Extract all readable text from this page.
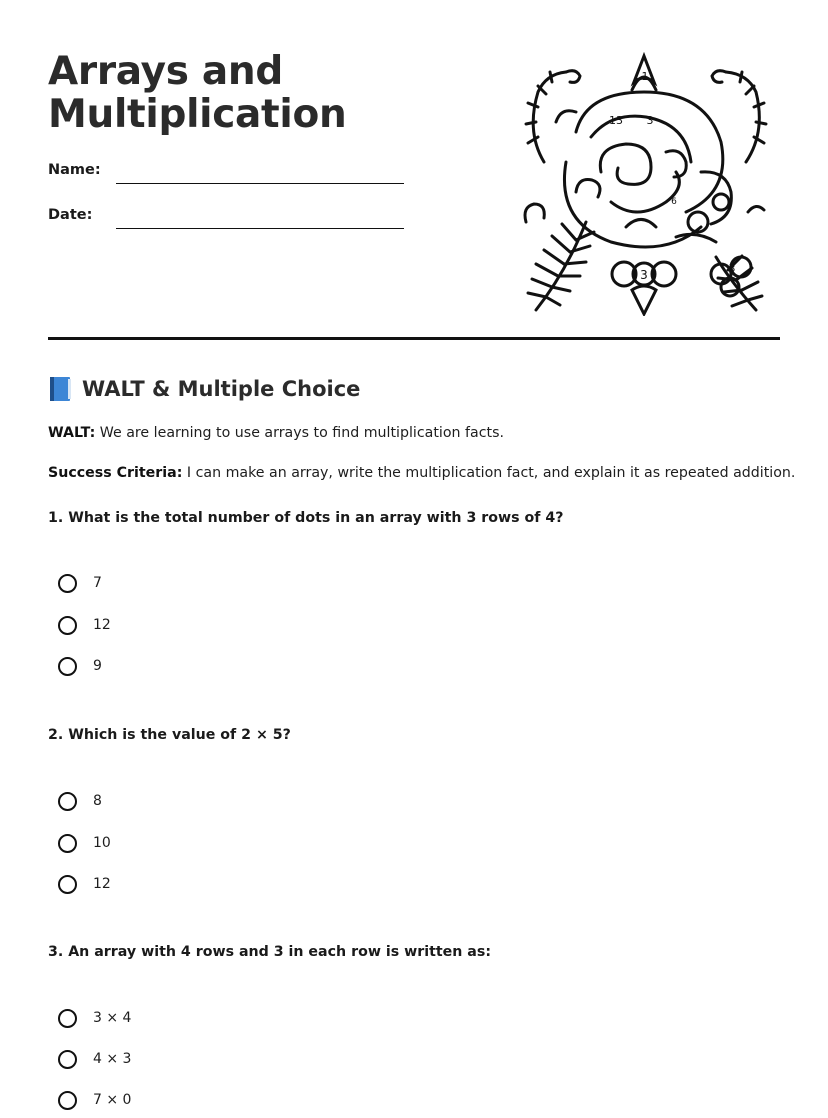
Arrays and
Multiplication
Name:
Date:
1
13 3
6
3	3
WALT & Multiple Choice
WALT: We are learning to use arrays to find multiplication facts.
Success Criteria: I can make an array, write the multiplication fact, and explain it as repeated addition.
1. What is the total number of dots in an array with 3 rows of 4?
7
12
9
2. Which is the value of 2 × 5?
8
10
12
3. An array with 4 rows and 3 in each row is written as:
3 × 4
4 × 3
7 × 0
